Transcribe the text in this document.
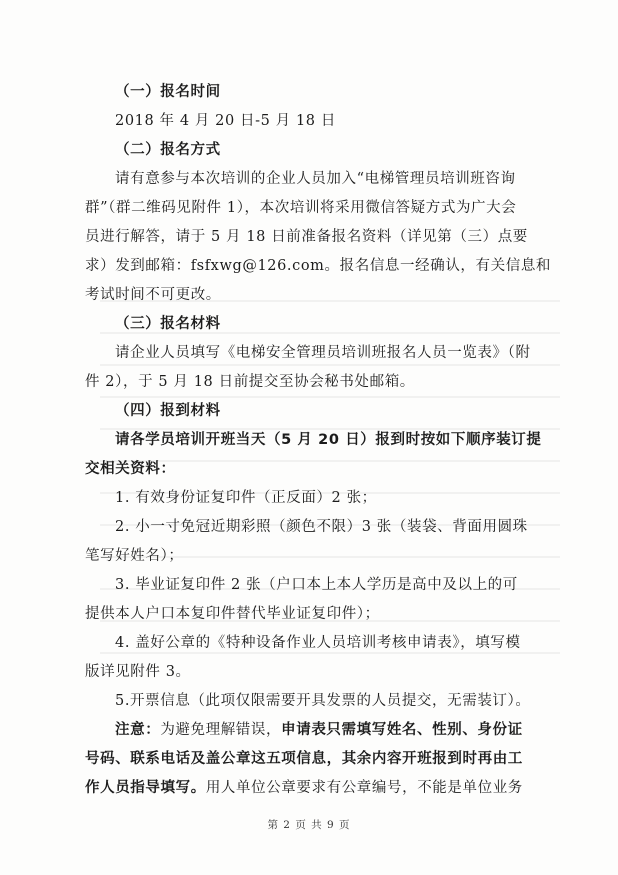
（一）报名时间
2018 年 4 月 20 日-5 月 18 日
（二）报名方式
请有意参与本次培训的企业人员加入“电梯管理员培训班咨询
群”（群二维码见附件 1），本次培训将采用微信答疑方式为广大会
员进行解答，请于 5 月 18 日前准备报名资料（详见第（三）点要
求）发到邮箱：fsfxwg@126.com。报名信息一经确认，有关信息和
考试时间不可更改。
（三）报名材料
请企业人员填写《电梯安全管理员培训班报名人员一览表》（附
件 2），于 5 月 18 日前提交至协会秘书处邮箱。
（四）报到材料
请各学员培训开班当天（5 月 20 日）报到时按如下顺序装订提
交相关资料：
1. 有效身份证复印件（正反面）2 张；
2. 小一寸免冠近期彩照（颜色不限）3 张（装袋、背面用圆珠
笔写好姓名）；
3. 毕业证复印件 2 张（户口本上本人学历是高中及以上的可
提供本人户口本复印件替代毕业证复印件）；
4. 盖好公章的《特种设备作业人员培训考核申请表》，填写模
版详见附件 3。
5.开票信息（此项仅限需要开具发票的人员提交，无需装订）。
注意：为避免理解错误，申请表只需填写姓名、性别、身份证
号码、联系电话及盖公章这五项信息，其余内容开班报到时再由工
作人员指导填写。用人单位公章要求有公章编号，不能是单位业务
第 2 页 共 9 页
